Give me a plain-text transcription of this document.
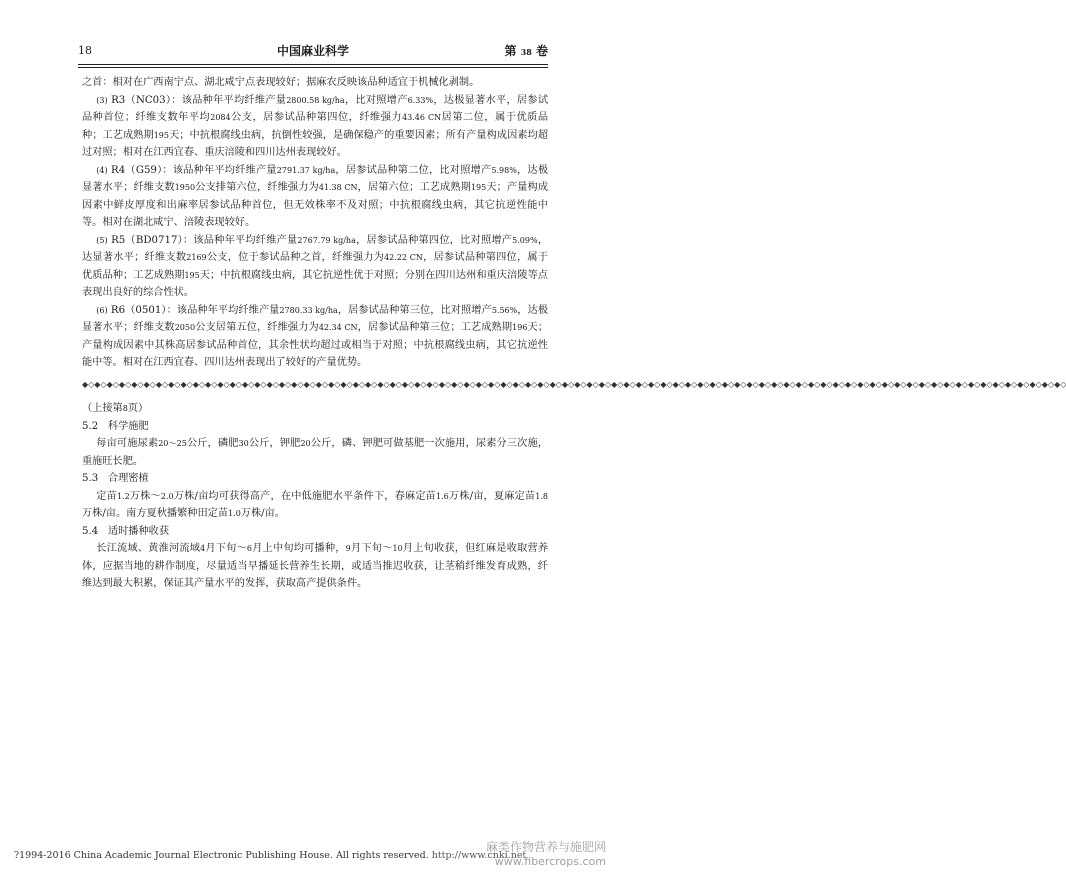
18	中国麻业科学	第 38 卷

之首：相对在广西南宁点、湖北咸宁点表现较好；据麻农反映该品种适宜于机械化剥制。

(3) R3（NC03）：该品种年平均纤维产量2800.58 kg/ha，比对照增产6.33%，达极显著水平，居参试品种首位；纤维支数年平均2084公支，居参试品种第四位，纤维强力43.46 CN居第二位，属于优质品种；工艺成熟期195天；中抗根腐线虫病，抗倒性较强，是确保稳产的重要因素；所有产量构成因素均超过对照；相对在江西宜春、重庆涪陵和四川达州表现较好。

(4) R4（G59）：该品种年平均纤维产量2791.37 kg/ha，居参试品种第二位，比对照增产5.98%，达极显著水平；纤维支数1950公支排第六位，纤维强力为41.38 CN，居第六位；工艺成熟期195天；产量构成因素中鲜皮厚度和出麻率居参试品种首位，但无效株率不及对照；中抗根腐线虫病，其它抗逆性能中等。相对在湖北咸宁、涪陵表现较好。

(5) R5（BD0717）：该品种年平均纤维产量2767.79 kg/ha，居参试品种第四位，比对照增产5.09%，达显著水平；纤维支数2169公支，位于参试品种之首，纤维强力为42.22 CN，居参试品种第四位，属于优质品种；工艺成熟期195天；中抗根腐线虫病，其它抗逆性优于对照；分别在四川达州和重庆涪陵等点表现出良好的综合性状。

(6) R6（0501）：该品种年平均纤维产量2780.33 kg/ha，居参试品种第三位，比对照增产5.56%，达极显著水平；纤维支数2050公支居第五位，纤维强力为42.34 CN，居参试品种第三位；工艺成熟期196天；产量构成因素中其株高居参试品种首位，其余性状均超过或相当于对照；中抗根腐线虫病，其它抗逆性能中等。相对在江西宜春、四川达州表现出了较好的产量优势。

◆◇◆◇◆◇◆◇◆◇◆◇◆◇◆◇◆◇◆◇◆◇◆◇◆◇◆◇◆◇◆◇◆◇◆◇◆◇◆◇◆◇◆◇◆◇◆◇◆◇◆◇◆◇◆◇◆◇◆◇◆◇◆◇◆◇◆◇◆◇◆◇◆◇◆◇◆◇◆◇◆◇◆◇◆◇◆◇◆◇◆◇◆◇◆◇◆◇◆◇◆◇◆◇◆◇◆◇◆◇◆◇◆◇◆◇◆◇◆◇◆◇◆◇◆◇◆◇◆◇◆◇◆◇◆◇◆◇◆◇◆◇◆◇◆◇◆◇◆◇◆◇◆◇◆◇◆◇◆◇

（上接第8页）

5.2 科学施肥

每亩可施尿素20～25公斤，磷肥30公斤，钾肥20公斤，磷、钾肥可做基肥一次施用，尿素分三次施，重施旺长肥。

5.3 合理密植

定苗1.2万株～2.0万株/亩均可获得高产，在中低施肥水平条件下，春麻定苗1.6万株/亩，夏麻定苗1.8万株/亩。南方夏秋播繁种田定苗1.0万株/亩。

5.4 适时播种收获

长江流域、黄淮河流域4月下旬～6月上中旬均可播种，9月下旬～10月上旬收获，但红麻是收取营养体，应据当地的耕作制度，尽量适当早播延长营养生长期，或适当推迟收获，让茎稍纤维发育成熟，纤维达到最大积累，保证其产量水平的发挥，获取高产提供条件。

?1994-2016 China Academic Journal Electronic Publishing House. All rights reserved. http://www.cnki.net
麻类作物营养与施肥网
www.fibercrops.com
